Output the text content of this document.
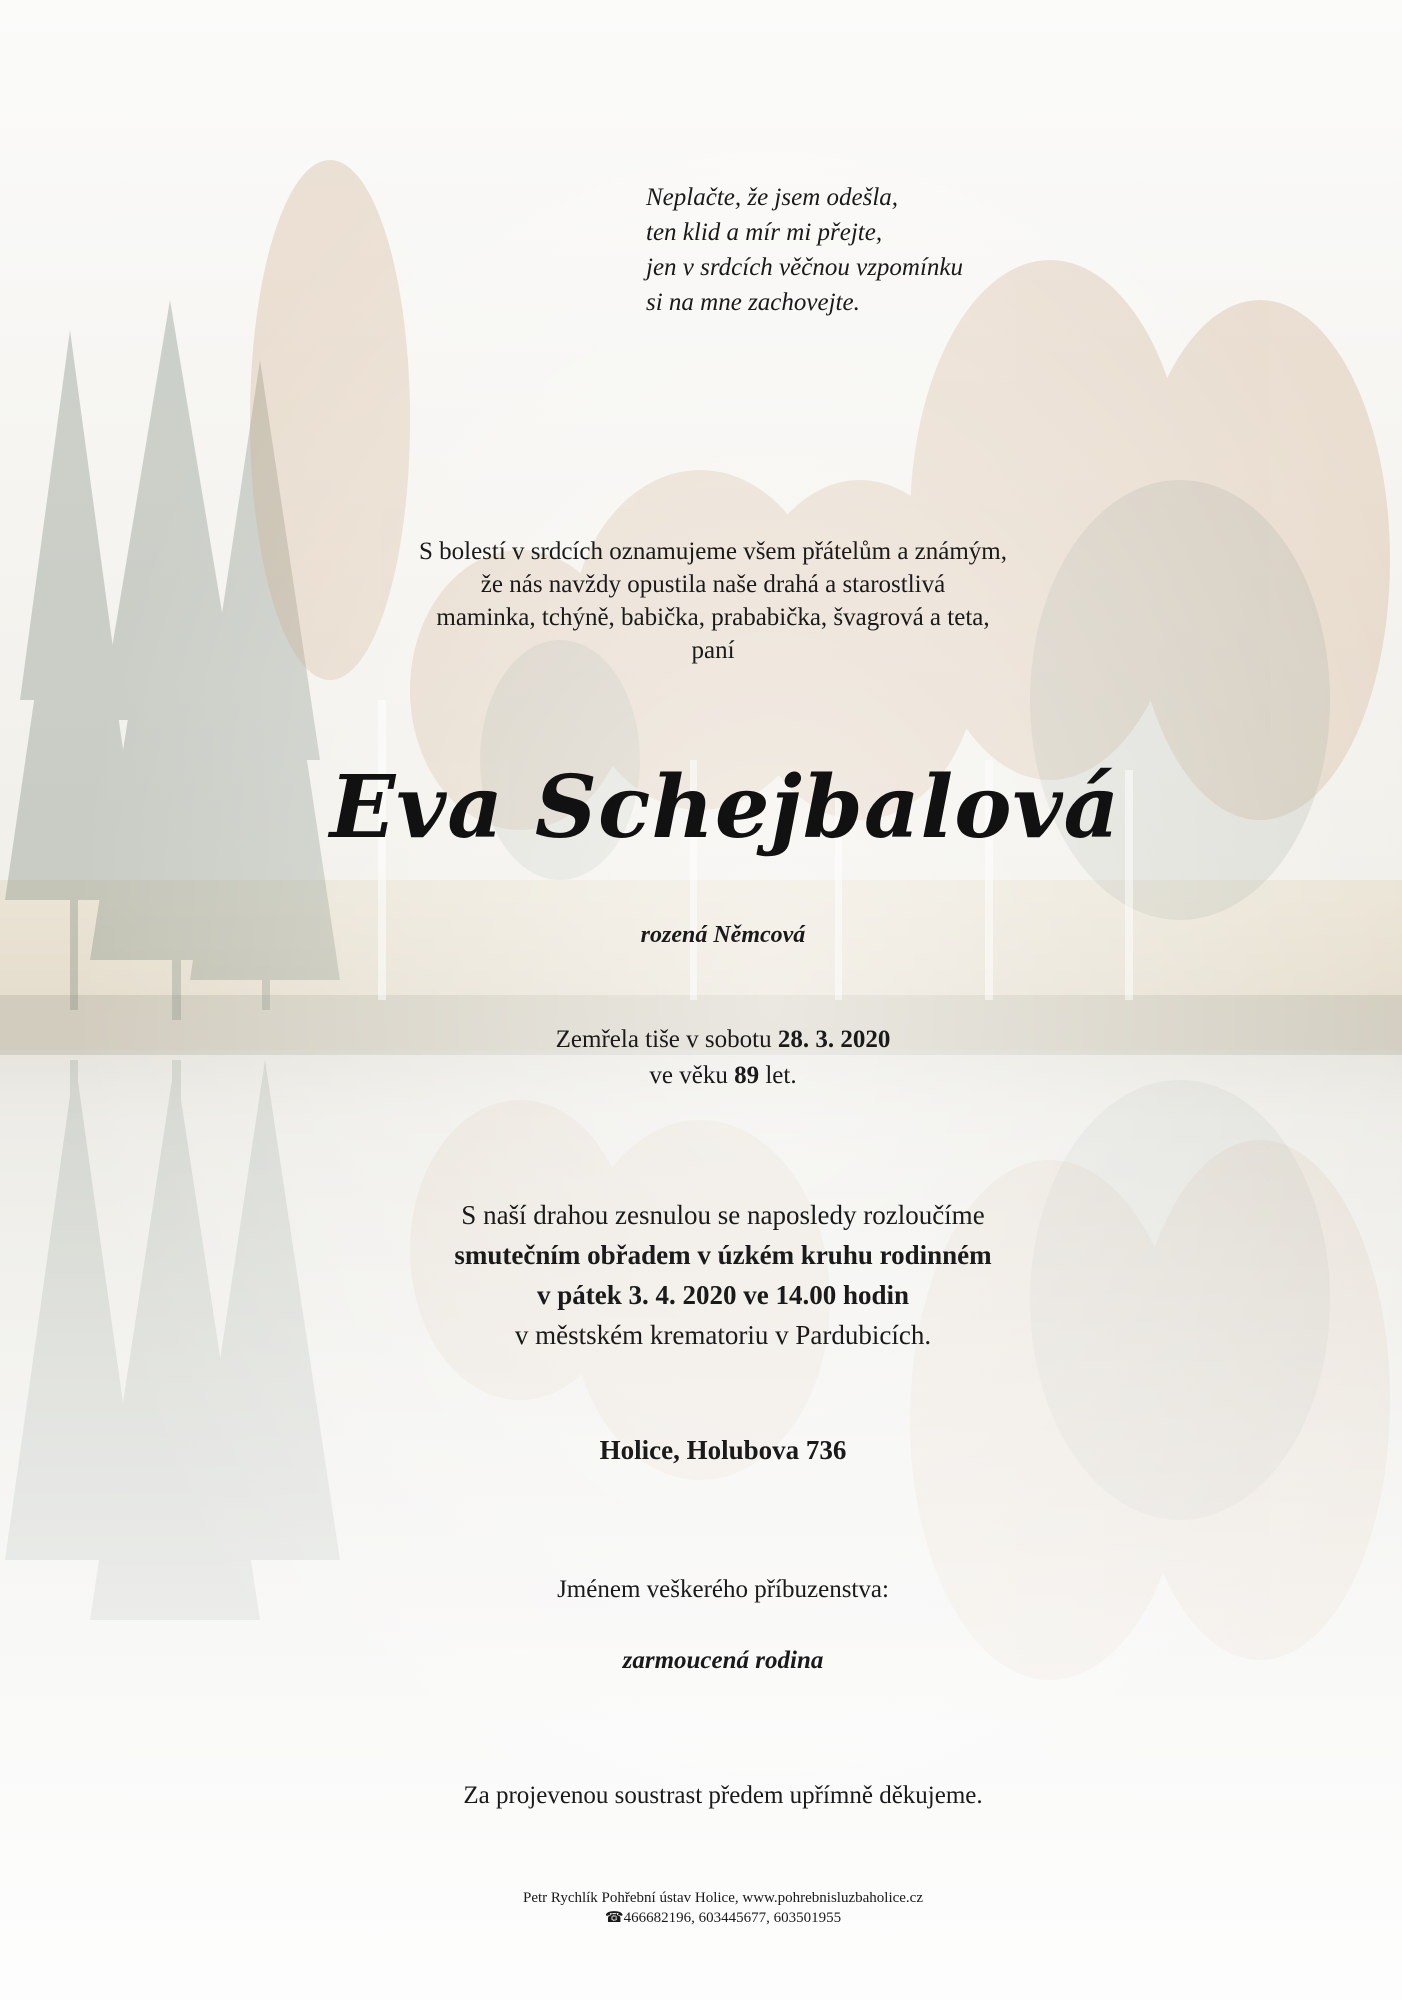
Neplačte, že jsem odešla,
ten klid a mír mi přejte,
jen v srdcích věčnou vzpomínku
si na mne zachovejte.
S bolestí v srdcích oznamujeme všem přátelům a známým,
že nás navždy opustila naše drahá a starostlivá
maminka, tchýně, babička, prababička, švagrová a teta,
paní
Eva Schejbalová
rozená Němcová
Zemřela tiše v sobotu 28. 3. 2020
ve věku 89 let.
S naší drahou zesnulou se naposledy rozloučíme
smutečním obřadem v úzkém kruhu rodinném
v pátek 3. 4. 2020 ve 14.00 hodin
v městském krematoriu v Pardubicích.
Holice, Holubova 736
Jménem veškerého příbuzenstva:
zarmoucená rodina
Za projevenou soustrast předem upřímně děkujeme.
Petr Rychlík Pohřební ústav Holice, www.pohrebnisluzbaholice.cz
☎466682196, 603445677, 603501955
